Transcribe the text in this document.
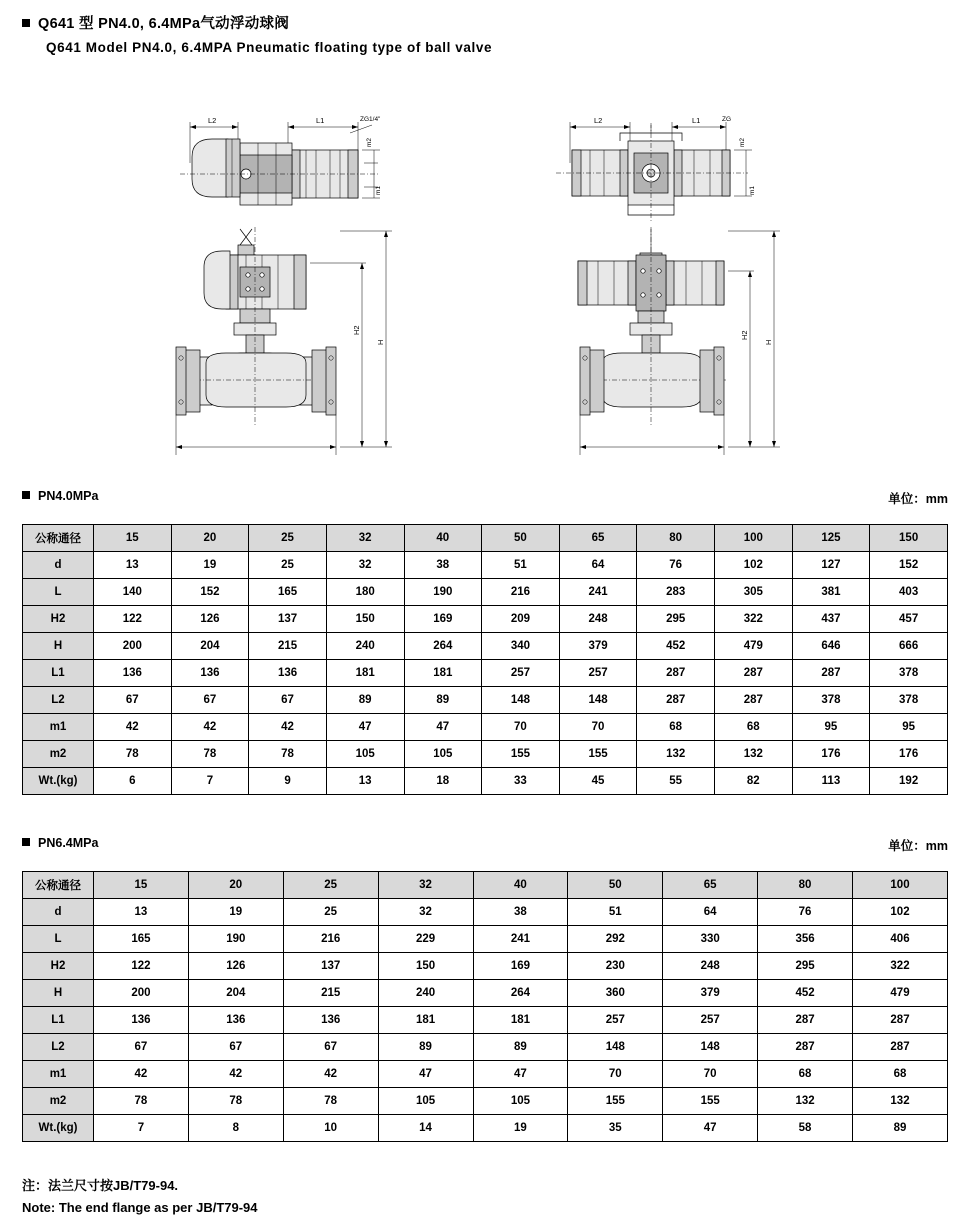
Q641 型 PN4.0, 6.4MPa气动浮动球阀
Q641 Model PN4.0, 6.4MPA Pneumatic floating type of ball valve
L2	L1	ZG1/4"
m2
m1
L2	L1	ZG
m2
m1
H
H2
H
H2
PN4.0MPa	单位：mm
公称通径	15	20	25	32	40	50	65	80	100	125	150
d	13	19	25	32	38	51	64	76	102	127	152
L	140	152	165	180	190	216	241	283	305	381	403
H2	122	126	137	150	169	209	248	295	322	437	457
H	200	204	215	240	264	340	379	452	479	646	666
L1	136	136	136	181	181	257	257	287	287	287	378
L2	67	67	67	89	89	148	148	287	287	378	378
m1	42	42	42	47	47	70	70	68	68	95	95
m2	78	78	78	105	105	155	155	132	132	176	176
Wt.(kg)	6	7	9	13	18	33	45	55	82	113	192
PN6.4MPa	单位：mm
公称通径	15	20	25	32	40	50	65	80	100
d	13	19	25	32	38	51	64	76	102
L	165	190	216	229	241	292	330	356	406
H2	122	126	137	150	169	230	248	295	322
H	200	204	215	240	264	360	379	452	479
L1	136	136	136	181	181	257	257	287	287
L2	67	67	67	89	89	148	148	287	287
m1	42	42	42	47	47	70	70	68	68
m2	78	78	78	105	105	155	155	132	132
Wt.(kg)	7	8	10	14	19	35	47	58	89
注：法兰尺寸按JB/T79-94.
Note: The end flange as per JB/T79-94
